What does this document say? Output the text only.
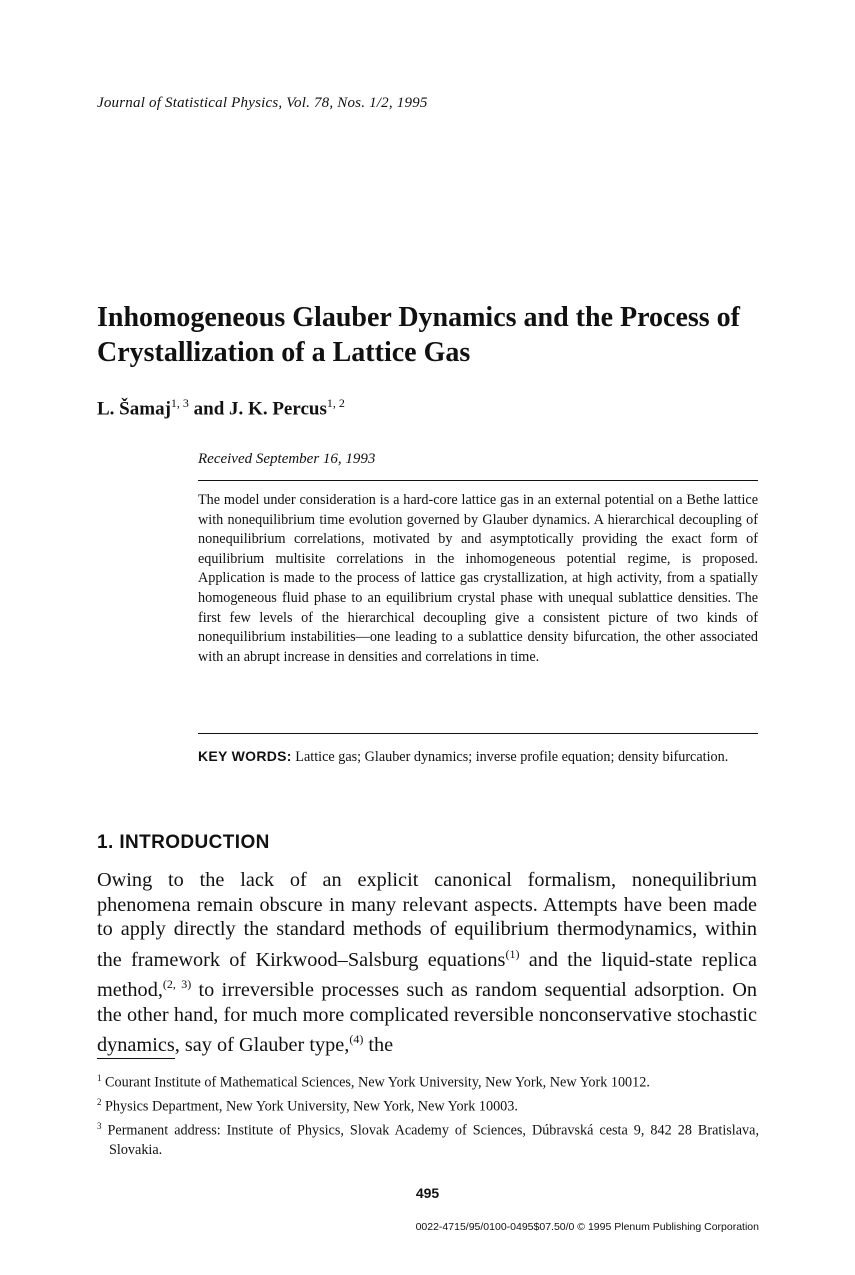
Journal of Statistical Physics, Vol. 78, Nos. 1/2, 1995
Inhomogeneous Glauber Dynamics and the Process of Crystallization of a Lattice Gas
L. Šamaj$^{1, 3}$ and J. K. Percus$^{1, 2}$
Received September 16, 1993
The model under consideration is a hard-core lattice gas in an external potential on a Bethe lattice with nonequilibrium time evolution governed by Glauber dynamics. A hierarchical decoupling of nonequilibrium correlations, motivated by and asymptotically providing the exact form of equilibrium multisite correlations in the inhomogeneous potential regime, is proposed. Application is made to the process of lattice gas crystallization, at high activity, from a spatially homogeneous fluid phase to an equilibrium crystal phase with unequal sublattice densities. The first few levels of the hierarchical decoupling give a consistent picture of two kinds of nonequilibrium instabilities—one leading to a sublattice density bifurcation, the other associated with an abrupt increase in densities and correlations in time.
KEY WORDS: Lattice gas; Glauber dynamics; inverse profile equation; density bifurcation.
1. INTRODUCTION
Owing to the lack of an explicit canonical formalism, nonequilibrium phenomena remain obscure in many relevant aspects. Attempts have been made to apply directly the standard methods of equilibrium thermodynamics, within the framework of Kirkwood–Salsburg equations$^{(1)}$ and the liquid-state replica method,$^{(2, 3)}$ to irreversible processes such as random sequential adsorption. On the other hand, for much more complicated reversible nonconservative stochastic dynamics, say of Glauber type,$^{(4)}$ the
$^1$ Courant Institute of Mathematical Sciences, New York University, New York, New York 10012.
$^2$ Physics Department, New York University, New York, New York 10003.
$^3$ Permanent address: Institute of Physics, Slovak Academy of Sciences, Dúbravská cesta 9, 842 28 Bratislava, Slovakia.
495
0022-4715/95/0100-0495$07.50/0 © 1995 Plenum Publishing Corporation
